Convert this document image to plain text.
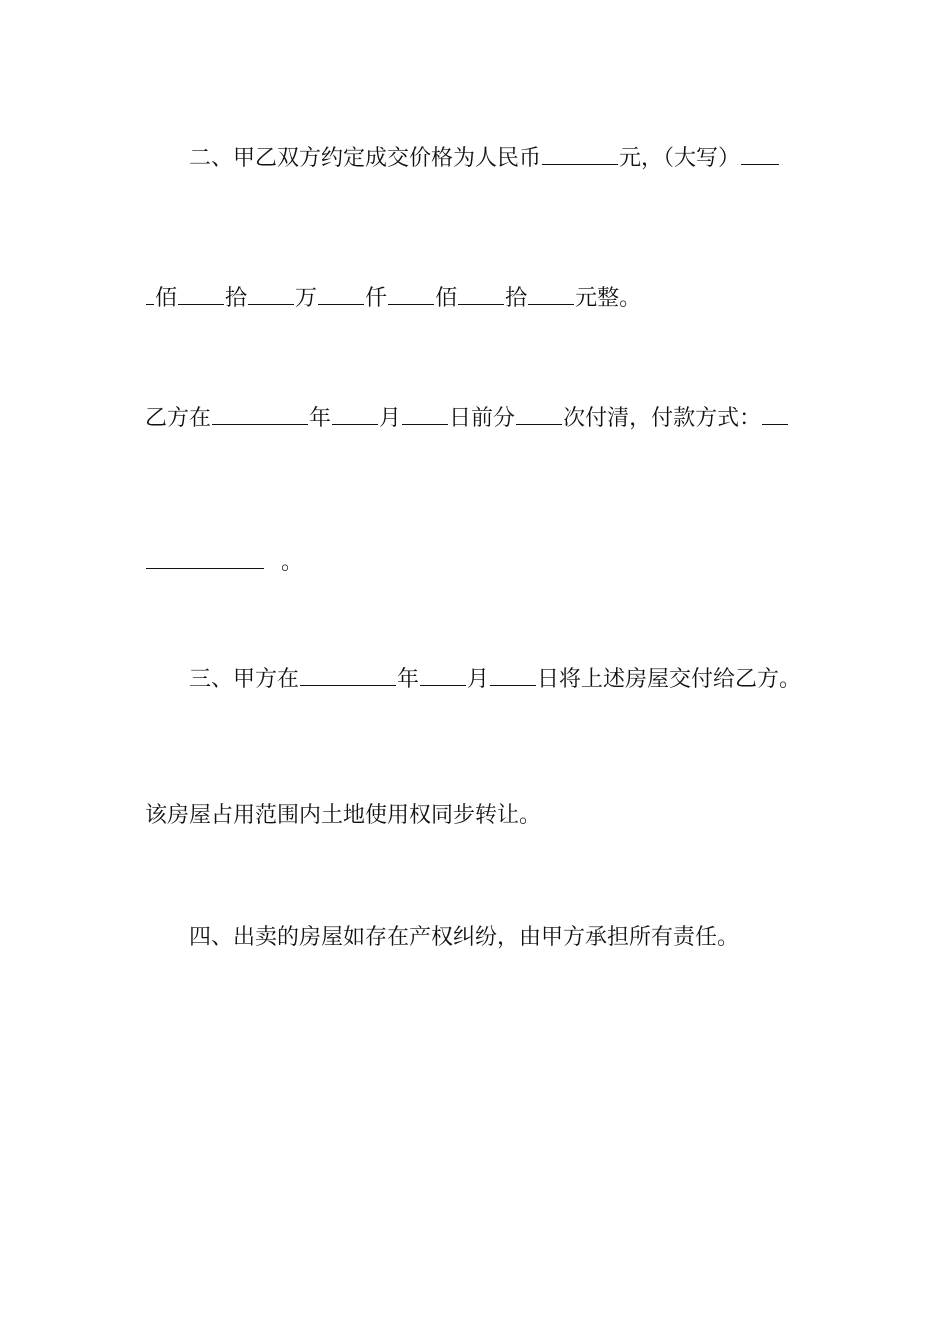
二、甲乙双方约定成交价格为人民币	元，（大写）
佰 拾 万 仟 佰 拾 元整。
乙方在	年 月 日前分 次付清，付款方式：
。
三、甲方在	年 月 日将上述房屋交付给乙方。
该房屋占用范围内土地使用权同步转让。
四、出卖的房屋如存在产权纠纷，由甲方承担所有责任。
